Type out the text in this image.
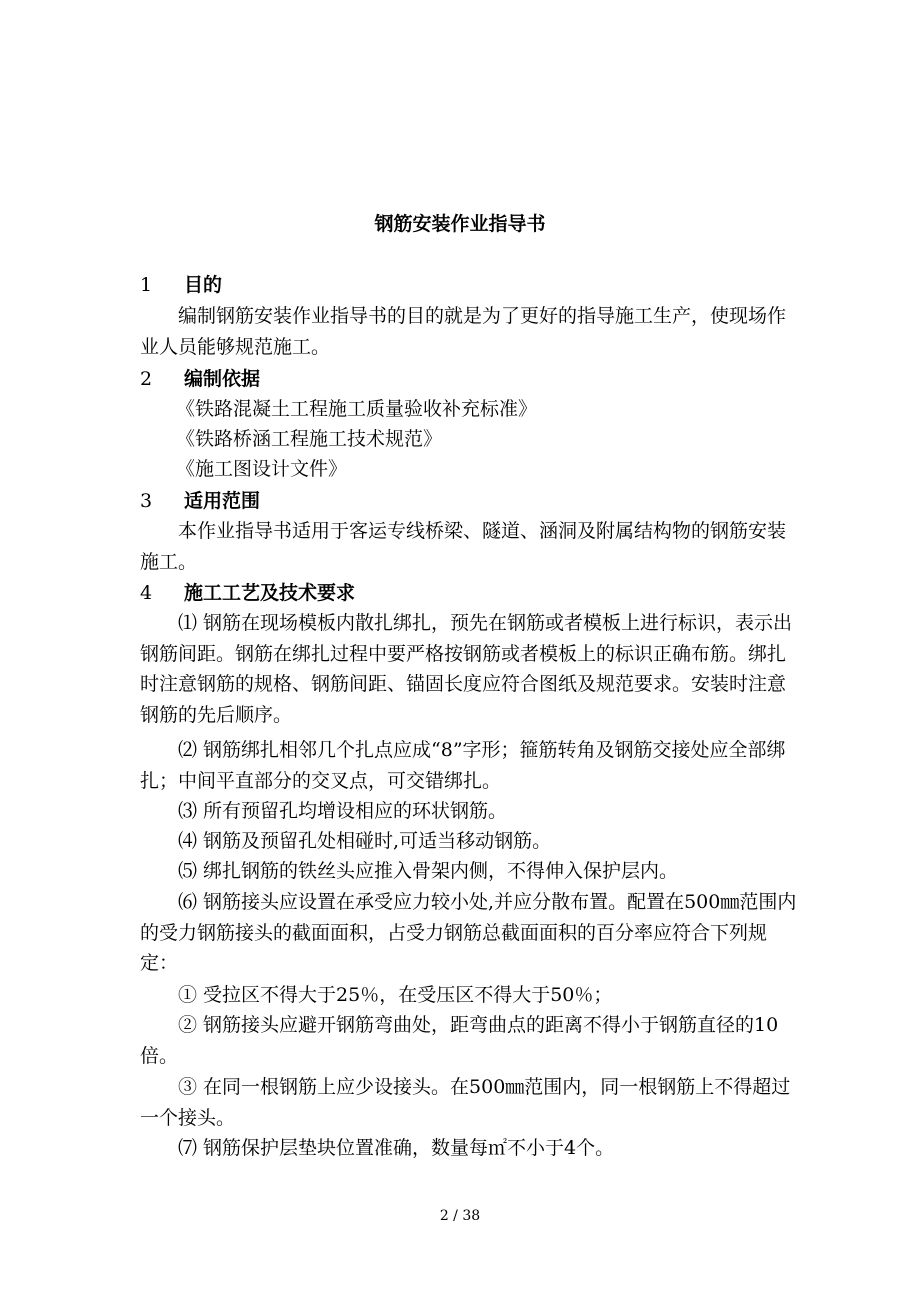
钢筋安装作业指导书
1 目的

编制钢筋安装作业指导书的目的就是为了更好的指导施工生产，使现场作业人员能够规范施工。

2 编制依据
《铁路混凝土工程施工质量验收补充标准》
《铁路桥涵工程施工技术规范》
《施工图设计文件》
3 适用范围

本作业指导书适用于客运专线桥梁、隧道、涵洞及附属结构物的钢筋安装施工。

4 施工工艺及技术要求

⑴ 钢筋在现场模板内散扎绑扎，预先在钢筋或者模板上进行标识，表示出钢筋间距。钢筋在绑扎过程中要严格按钢筋或者模板上的标识正确布筋。绑扎时注意钢筋的规格、钢筋间距、锚固长度应符合图纸及规范要求。安装时注意钢筋的先后顺序。

⑵ 钢筋绑扎相邻几个扎点应成“8”字形；箍筋转角及钢筋交接处应全部绑扎；中间平直部分的交叉点，可交错绑扎。

⑶ 所有预留孔均增设相应的环状钢筋。

⑷ 钢筋及预留孔处相碰时,可适当移动钢筋。

⑸ 绑扎钢筋的铁丝头应推入骨架内侧，不得伸入保护层内。

⑹ 钢筋接头应设置在承受应力较小处,并应分散布置。配置在500㎜范围内的受力钢筋接头的截面面积，占受力钢筋总截面面积的百分率应符合下列规定：

① 受拉区不得大于25％，在受压区不得大于50％；

② 钢筋接头应避开钢筋弯曲处，距弯曲点的距离不得小于钢筋直径的10倍。

③ 在同一根钢筋上应少设接头。在500㎜范围内，同一根钢筋上不得超过一个接头。

⑺ 钢筋保护层垫块位置准确，数量每㎡不小于4个。

2 / 38
